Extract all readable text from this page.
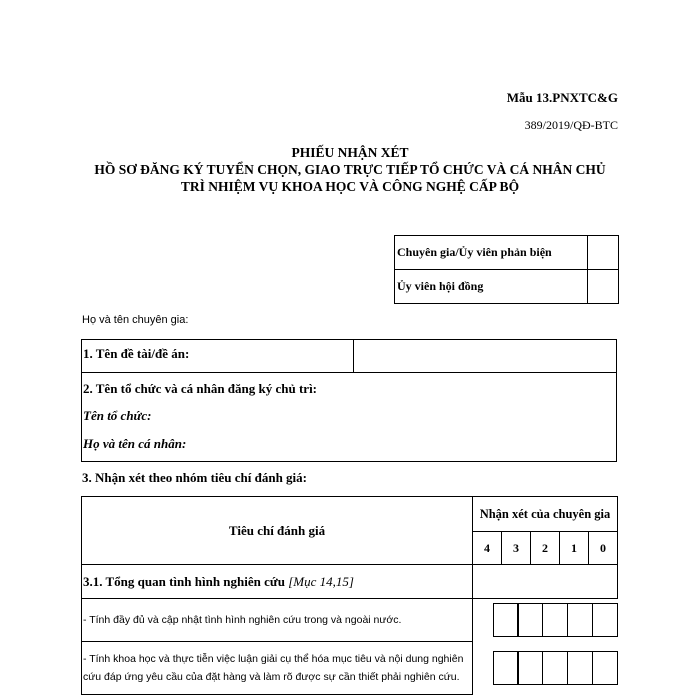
Mẫu 13.PNXTC&G
389/2019/QĐ-BTC
PHIẾU NHẬN XÉT
HỒ SƠ ĐĂNG KÝ TUYỂN CHỌN, GIAO TRỰC TIẾP TỔ CHỨC VÀ CÁ NHÂN CHỦ
TRÌ NHIỆM VỤ KHOA HỌC VÀ CÔNG NGHỆ CẤP BỘ
Chuyên gia/Ủy viên phản biện	
Ủy viên hội đồng	
Họ và tên chuyên gia:
1. Tên đề tài/đề án:
2. Tên tổ chức và cá nhân đăng ký chủ trì:
Tên tổ chức:
Họ và tên cá nhân:
3. Nhận xét theo nhóm tiêu chí đánh giá:
Tiêu chí đánh giá	Nhận xét của chuyên gia				
	4	3	2	1	0
3.1. Tổng quan tình hình nghiên cứu [Mục 14,15]					
- Tính đầy đủ và cập nhật tình hình nghiên cứu trong và ngoài nước.					

- Tính khoa học và thực tiễn việc luận giải cụ thể hóa mục tiêu và nội dung nghiên cứu đáp ứng yêu cầu của đặt hàng và làm rõ được sự cần thiết phải nghiên cứu.					
